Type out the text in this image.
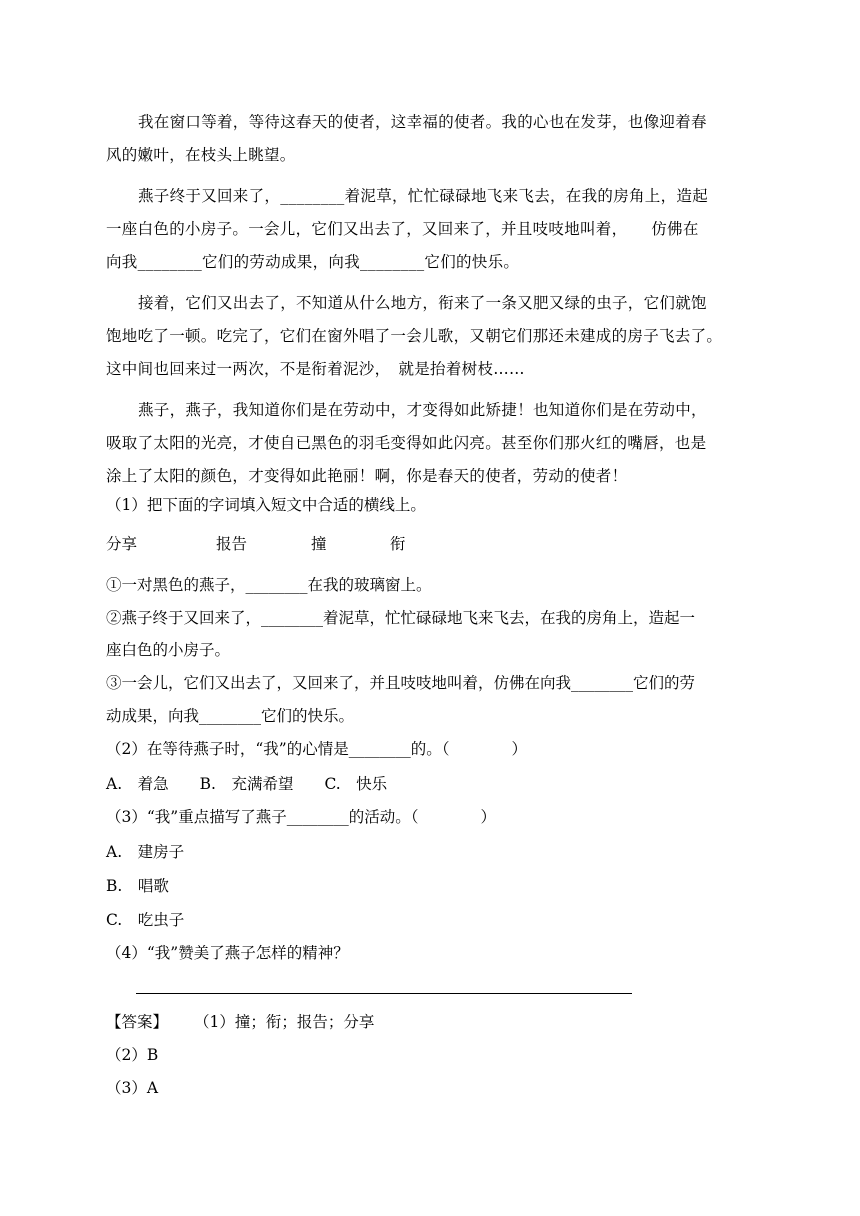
我在窗口等着，等待这春天的使者，这幸福的使者。我的心也在发芽，也像迎着春
风的嫩叶，在枝头上眺望。
燕子终于又回来了，________着泥草，忙忙碌碌地飞来飞去，在我的房角上，造起
一座白色的小房子。一会儿，它们又出去了，又回来了，并且吱吱地叫着，　　仿佛在
向我________它们的劳动成果，向我________它们的快乐。
接着，它们又出去了，不知道从什么地方，衔来了一条又肥又绿的虫子，它们就饱
饱地吃了一顿。吃完了，它们在窗外唱了一会儿歌，又朝它们那还未建成的房子飞去了。
这中间也回来过一两次，不是衔着泥沙，　就是抬着树枝……
燕子，燕子，我知道你们是在劳动中，才变得如此矫捷！也知道你们是在劳动中，
吸取了太阳的光亮，才使自已黑色的羽毛变得如此闪亮。甚至你们那火红的嘴唇，也是
涂上了太阳的颜色，才变得如此艳丽！啊，你是春天的使者，劳动的使者！
（1）把下面的字词填入短文中合适的横线上。
分享	报告	撞	衔
①一对黑色的燕子，________在我的玻璃窗上。
②燕子终于又回来了，________着泥草，忙忙碌碌地飞来飞去，在我的房角上，造起一
座白色的小房子。
③一会儿，它们又出去了，又回来了，并且吱吱地叫着，仿佛在向我________它们的劳
动成果，向我________它们的快乐。
（2）在等待燕子时，“我”的心情是________的。（　　　　）
A.　着急　　B.　充满希望　　C.　快乐
（3）“我”重点描写了燕子________的活动。（　　　　）
A.　建房子
B.　唱歌
C.　吃虫子
（4）“我”赞美了燕子怎样的精神？
【答案】 （1）撞；衔；报告；分享
（2）B
（3）A
